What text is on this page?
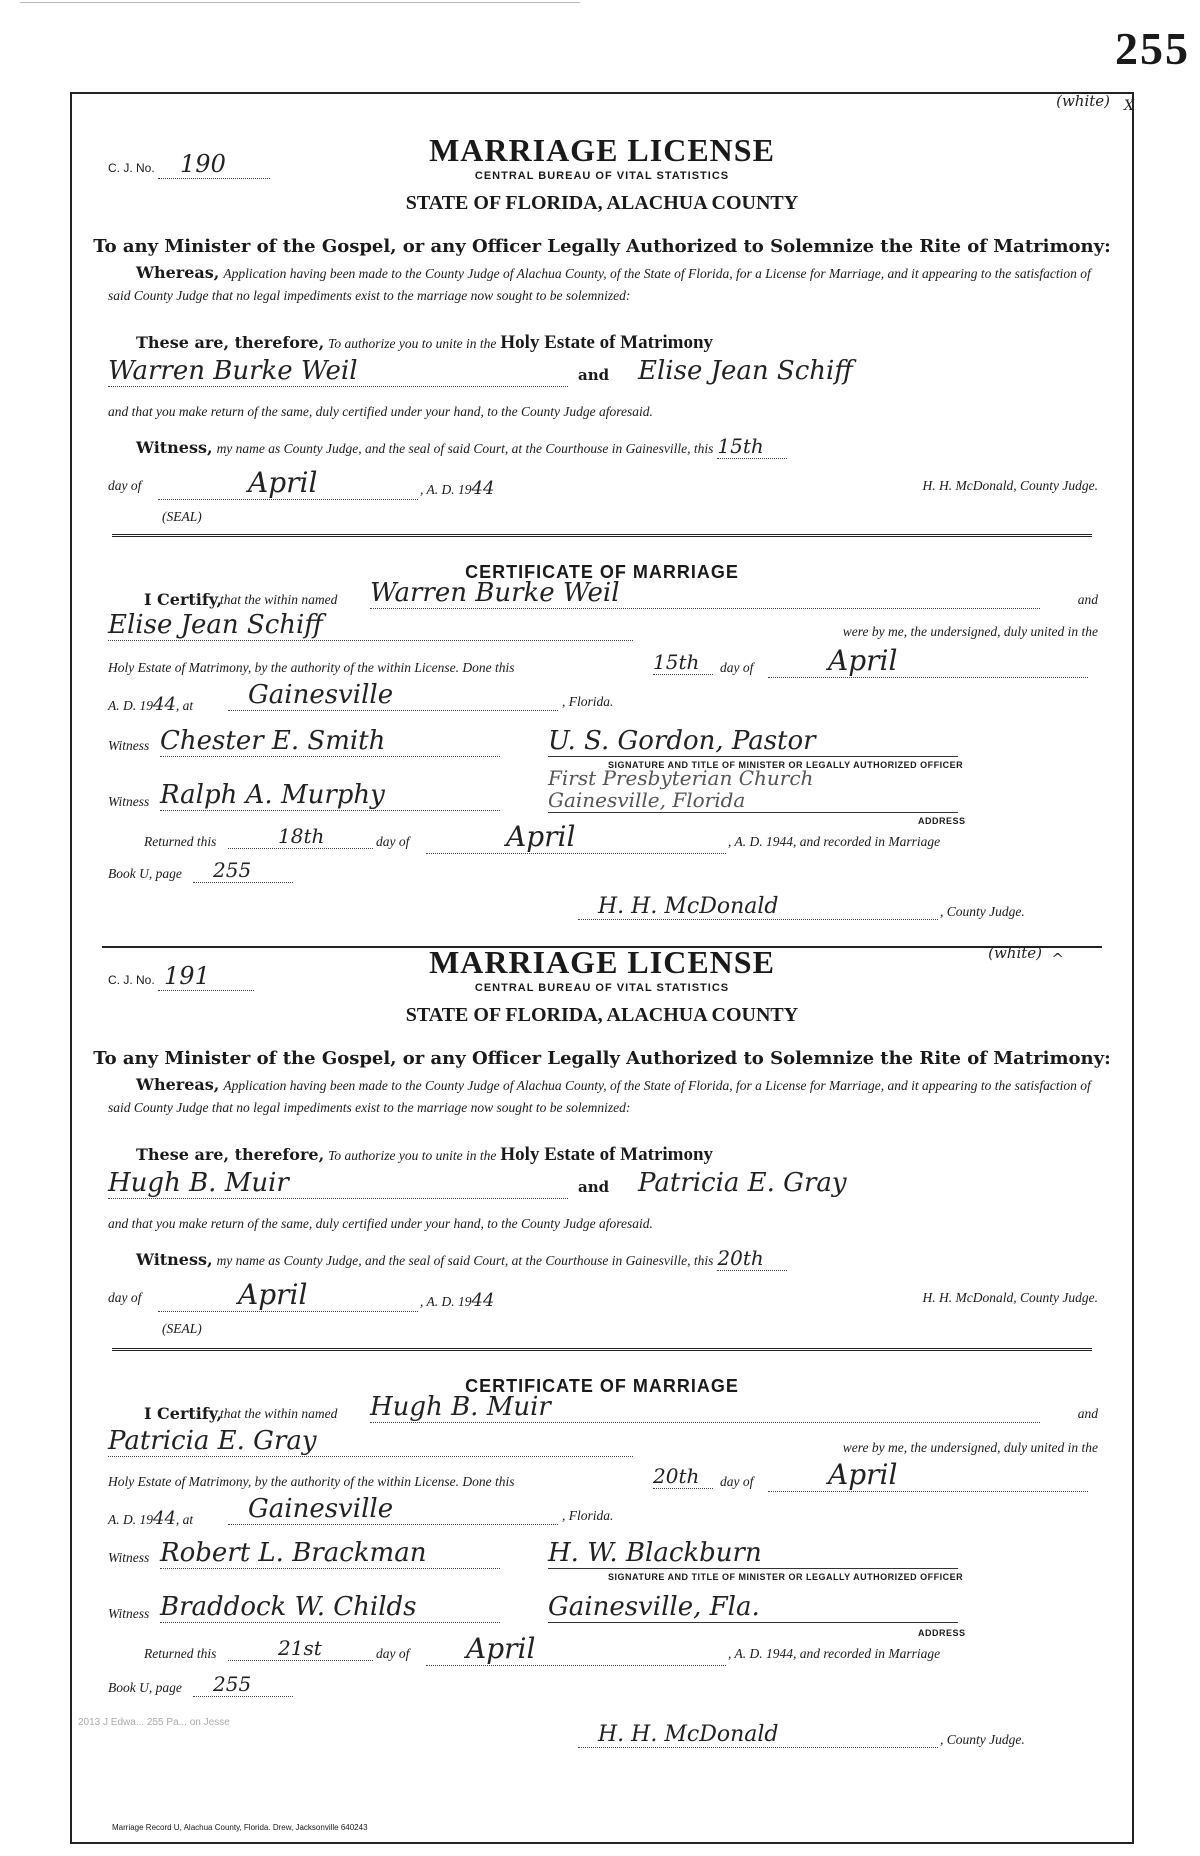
255
(white) X
MARRIAGE LICENSE
CENTRAL BUREAU OF VITAL STATISTICS
STATE OF FLORIDA, ALACHUA COUNTY
C. J. No. 190
To any Minister of the Gospel, or any Officer Legally Authorized to Solemnize the Rite of Matrimony:
Whereas, Application having been made to the County Judge of Alachua County, of the State of Florida, for a License for Marriage, and it appearing to the satisfaction of said County Judge that no legal impediments exist to the marriage now sought to be solemnized:
These are, therefore, To authorize you to unite in the Holy Estate of Matrimony
Warren Burke Weil	and Elise Jean Schiff
and that you make return of the same, duly certified under your hand, to the County Judge aforesaid.
Witness, my name as County Judge, and the seal of said Court, at the Courthouse in Gainesville, this 15th
day of	April	, A. D. 1944	H. H. McDonald, County Judge.
(SEAL)
CERTIFICATE OF MARRIAGE
I Certify,
that the within named Warren Burke Weil	and
Elise Jean Schiff	were by me, the undersigned, duly united in the
Holy Estate of Matrimony, by the authority of the within License. Done this	15th	day of	April
A. D. 1944, at	Gainesville	, Florida.
Witness Chester E. Smith	U. S. Gordon, Pastor
SIGNATURE AND TITLE OF MINISTER OR LEGALLY AUTHORIZED OFFICER
First Presbyterian Church
Witness Ralph A. Murphy	Gainesville, Florida
ADDRESS
Returned this	18th	day of	April	, A. D. 1944, and recorded in Marriage
Book U, page	255
H. H. McDonald	, County Judge.
(white) ^
MARRIAGE LICENSE
CENTRAL BUREAU OF VITAL STATISTICS
STATE OF FLORIDA, ALACHUA COUNTY
C. J. No. 191
To any Minister of the Gospel, or any Officer Legally Authorized to Solemnize the Rite of Matrimony:
Whereas, Application having been made to the County Judge of Alachua County, of the State of Florida, for a License for Marriage, and it appearing to the satisfaction of said County Judge that no legal impediments exist to the marriage now sought to be solemnized:
These are, therefore, To authorize you to unite in the Holy Estate of Matrimony
Hugh B. Muir	and Patricia E. Gray
and that you make return of the same, duly certified under your hand, to the County Judge aforesaid.
Witness, my name as County Judge, and the seal of said Court, at the Courthouse in Gainesville, this 20th
day of	April	, A. D. 1944	H. H. McDonald, County Judge.
(SEAL)
CERTIFICATE OF MARRIAGE
I Certify,
that the within named Hugh B. Muir	and
Patricia E. Gray	were by me, the undersigned, duly united in the
Holy Estate of Matrimony, by the authority of the within License. Done this	20th	day of	April
A. D. 1944, at	Gainesville	, Florida.
Witness Robert L. Brackman	H. W. Blackburn
SIGNATURE AND TITLE OF MINISTER OR LEGALLY AUTHORIZED OFFICER
Witness Braddock W. Childs	Gainesville, Fla.
ADDRESS
Returned this	21st	day of	April	, A. D. 1944, and recorded in Marriage
Book U, page	255
H. H. McDonald	, County Judge.
Marriage Record U, Alachua County, Florida. Drew, Jacksonville 640243
2013 J Edwa... 255 Pa... on Jesse
